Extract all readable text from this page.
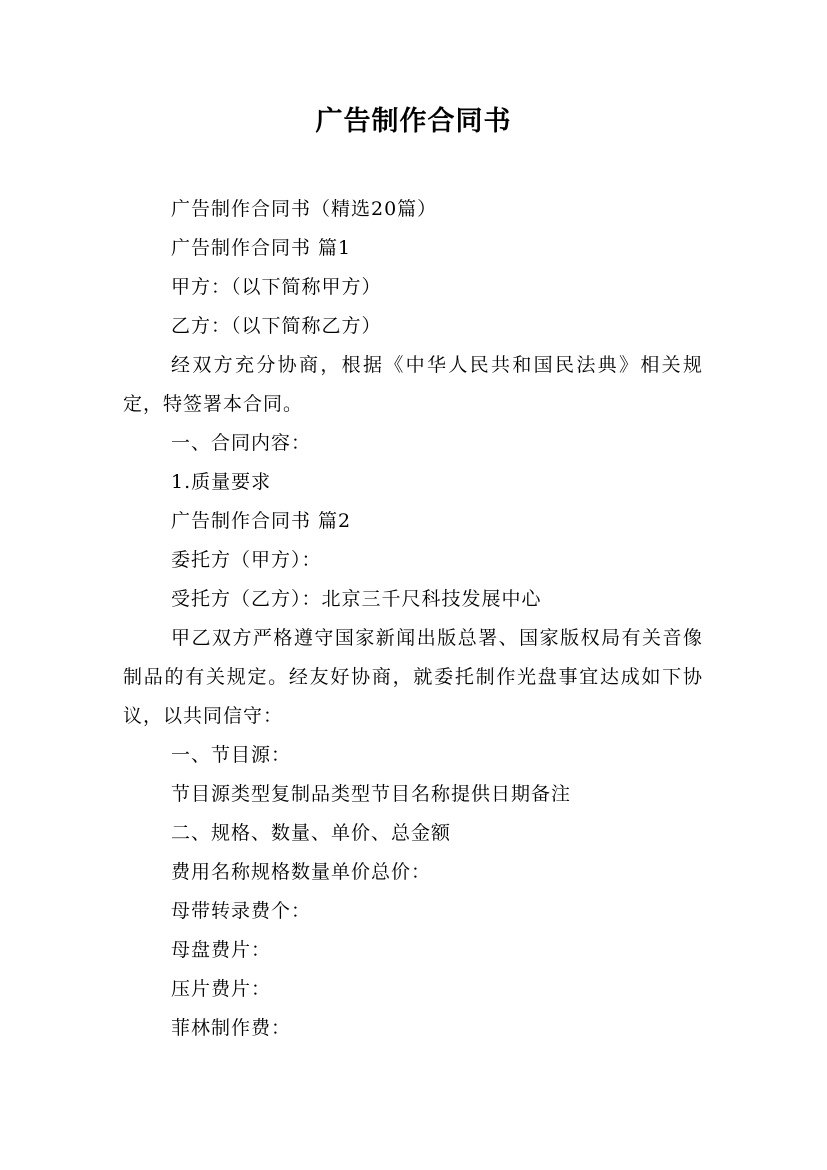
广告制作合同书

广告制作合同书（精选20篇）

广告制作合同书 篇1

甲方：（以下简称甲方）

乙方：（以下简称乙方）

经双方充分协商，根据《中华人民共和国民法典》相关规定，特签署本合同。

一、合同内容：

1.质量要求

广告制作合同书 篇2

委托方（甲方）：

受托方（乙方）：北京三千尺科技发展中心

甲乙双方严格遵守国家新闻出版总署、国家版权局有关音像制品的有关规定。经友好协商，就委托制作光盘事宜达成如下协议，以共同信守：

一、节目源：

节目源类型复制品类型节目名称提供日期备注

二、规格、数量、单价、总金额

费用名称规格数量单价总价：

母带转录费个：

母盘费片：

压片费片：

菲林制作费：
